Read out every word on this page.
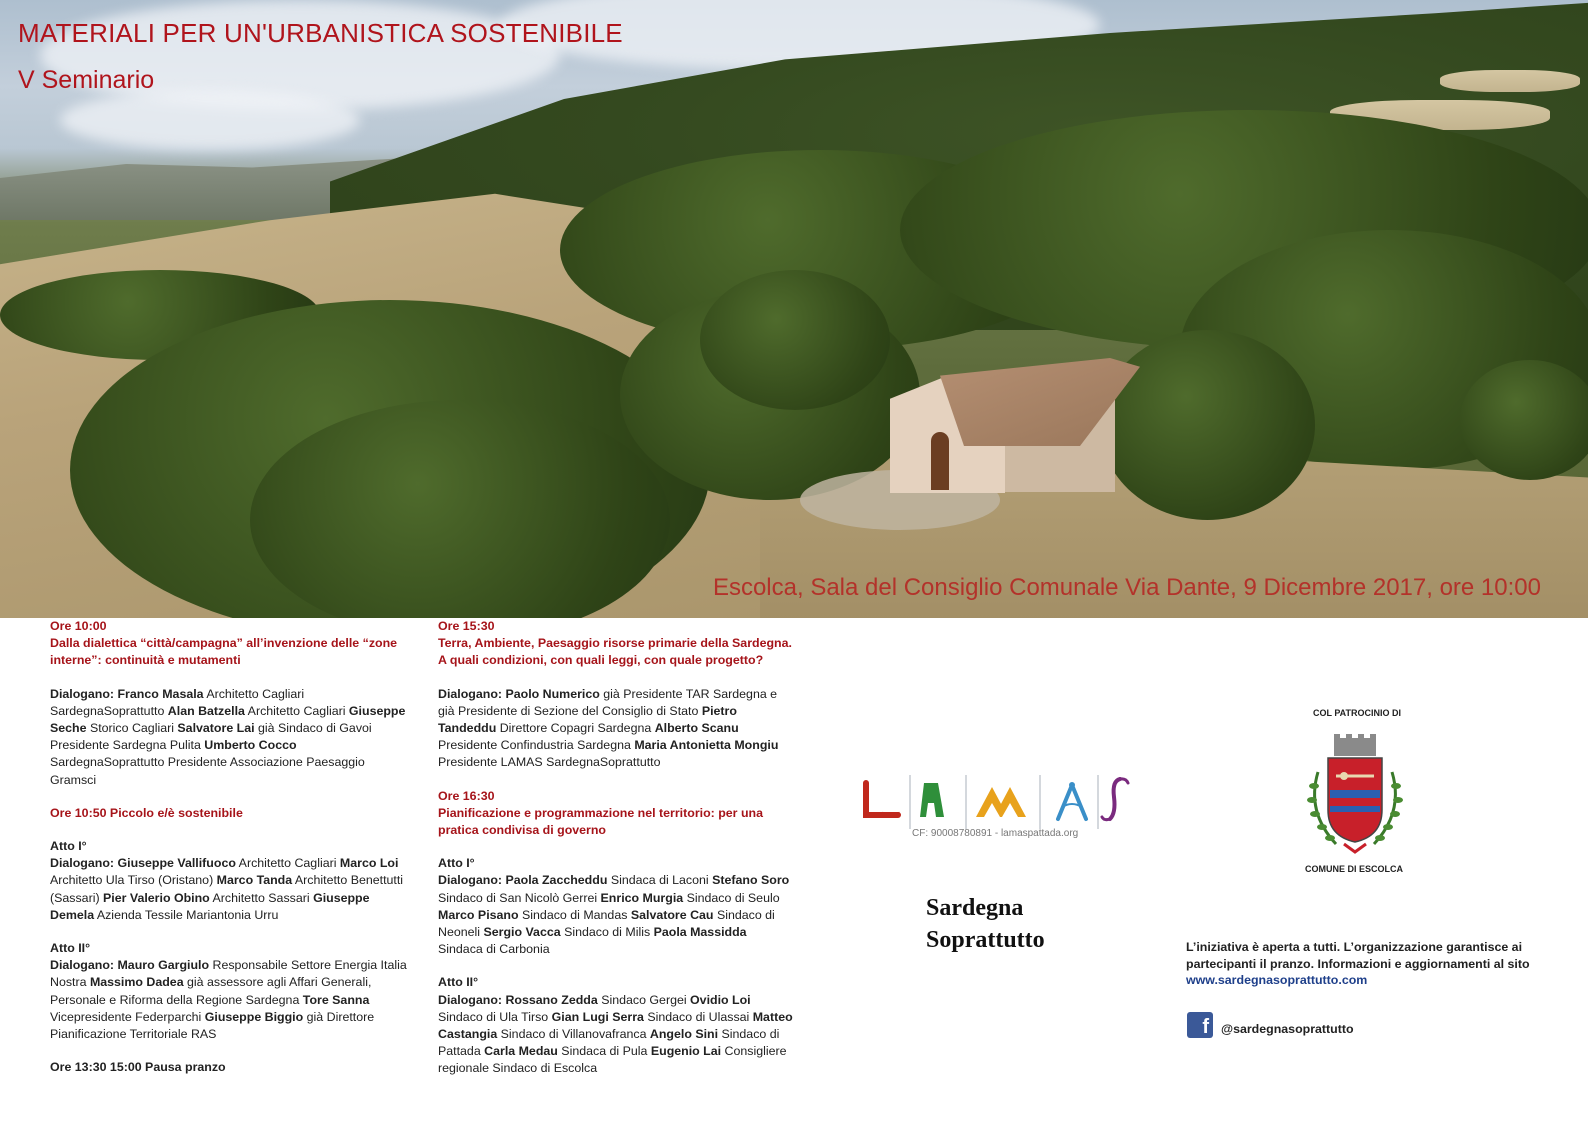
MATERIALI PER UN'URBANISTICA SOSTENIBILE
V Seminario

Escolca, Sala del Consiglio Comunale Via Dante, 9 Dicembre 2017, ore 10:00

Ore 10:00

Dalla dialettica “città/campagna” all’invenzione delle “zone interne”: continuità e mutamenti

Dialogano: Franco Masala Architetto Cagliari SardegnaSoprattutto Alan Batzella Architetto Cagliari Giuseppe Seche Storico Cagliari Salvatore Lai già Sindaco di Gavoi Presidente Sardegna Pulita Umberto Cocco SardegnaSoprattutto Presidente Associazione Paesaggio Gramsci

Ore 10:50 Piccolo e/è sostenibile

Atto I°

Dialogano: Giuseppe Vallifuoco Architetto Cagliari Marco Loi Architetto Ula Tirso (Oristano) Marco Tanda Architetto Benettutti (Sassari) Pier Valerio Obino Architetto Sassari Giuseppe Demela Azienda Tessile Mariantonia Urru

Atto II°

Dialogano: Mauro Gargiulo Responsabile Settore Energia Italia Nostra Massimo Dadea già assessore agli Affari Generali, Personale e Riforma della Regione Sardegna Tore Sanna Vicepresidente Federparchi Giuseppe Biggio già Direttore Pianificazione Territoriale RAS

Ore 13:30 15:00 Pausa pranzo

Ore 15:30

Terra, Ambiente, Paesaggio risorse primarie della Sardegna. A quali condizioni, con quali leggi, con quale progetto?

Dialogano: Paolo Numerico già Presidente TAR Sardegna e già Presidente di Sezione del Consiglio di Stato Pietro Tandeddu Direttore Copagri Sardegna Alberto Scanu Presidente Confindustria Sardegna Maria Antonietta Mongiu Presidente LAMAS SardegnaSoprattutto

Ore 16:30

Pianificazione e programmazione nel territorio: per una pratica condivisa di governo

Atto I°

Dialogano: Paola Zaccheddu Sindaca di Laconi Stefano Soro Sindaco di San Nicolò Gerrei Enrico Murgia Sindaco di Seulo Marco Pisano Sindaco di Mandas Salvatore Cau Sindaco di Neoneli Sergio Vacca Sindaco di Milis Paola Massidda Sindaca di Carbonia

Atto II°

Dialogano: Rossano Zedda Sindaco Gergei Ovidio Loi Sindaco di Ula Tirso Gian Lugi Serra Sindaco di Ulassai Matteo Castangia Sindaco di Villanovafranca Angelo Sini Sindaco di Pattada Carla Medau Sindaca di Pula Eugenio Lai Consigliere regionale Sindaco di Escolca

CF: 90008780891 - lamaspattada.org

Sardegna
Soprattutto

COL PATROCINIO DI
COMUNE DI ESCOLCA

L’iniziativa è aperta a tutti. L’organizzazione garantisce ai partecipanti il pranzo. Informazioni e aggiornamenti al sito
www.sardegnasoprattutto.com

f @sardegnasoprattutto
